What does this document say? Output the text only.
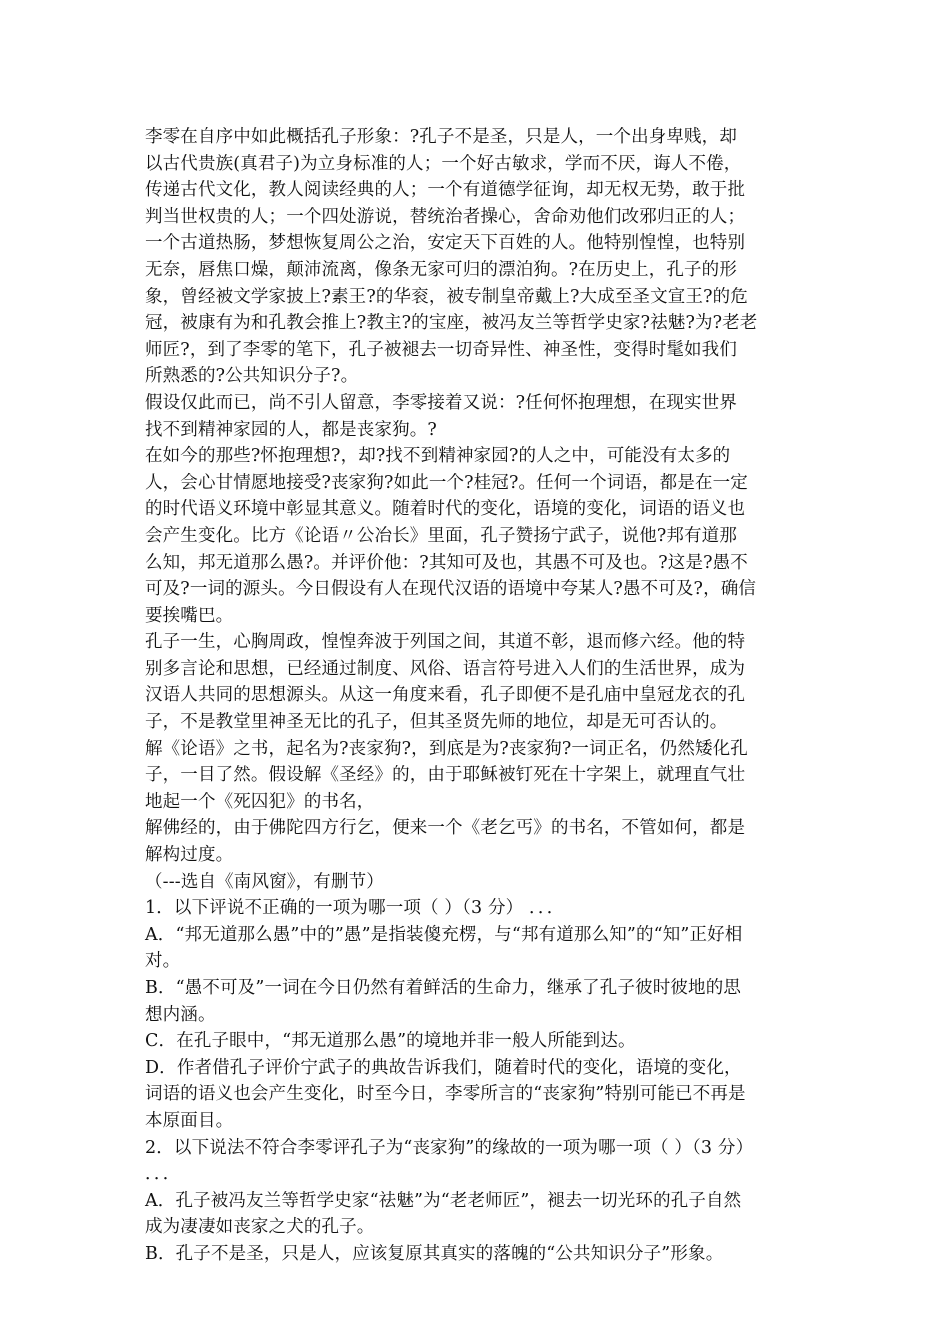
李零在自序中如此概括孔子形象：?孔子不是圣，只是人，一个出身卑贱，却
以古代贵族(真君子)为立身标准的人；一个好古敏求，学而不厌，诲人不倦，
传递古代文化，教人阅读经典的人；一个有道德学征询，却无权无势，敢于批
判当世权贵的人；一个四处游说，替统治者操心，舍命劝他们改邪归正的人；
一个古道热肠，梦想恢复周公之治，安定天下百姓的人。他特别惶惶，也特别
无奈，唇焦口燥，颠沛流离，像条无家可归的漂泊狗。?在历史上，孔子的形
象，曾经被文学家披上?素王?的华衮，被专制皇帝戴上?大成至圣文宣王?的危
冠，被康有为和孔教会推上?教主?的宝座，被冯友兰等哲学史家?祛魅?为?老老
师匠?，到了李零的笔下，孔子被褪去一切奇异性、神圣性，变得时髦如我们
所熟悉的?公共知识分子?。
假设仅此而已，尚不引人留意，李零接着又说：?任何怀抱理想，在现实世界
找不到精神家园的人，都是丧家狗。?
在如今的那些?怀抱理想?，却?找不到精神家园?的人之中，可能没有太多的
人，会心甘情愿地接受?丧家狗?如此一个?桂冠?。任何一个词语，都是在一定
的时代语义环境中彰显其意义。随着时代的变化，语境的变化，词语的语义也
会产生变化。比方《论语〃公冶长》里面，孔子赞扬宁武子，说他?邦有道那
么知，邦无道那么愚?。并评价他：?其知可及也，其愚不可及也。?这是?愚不
可及?一词的源头。今日假设有人在现代汉语的语境中夸某人?愚不可及?，确信
要挨嘴巴。
孔子一生，心胸周政，惶惶奔波于列国之间，其道不彰，退而修六经。他的特
别多言论和思想，已经通过制度、风俗、语言符号进入人们的生活世界，成为
汉语人共同的思想源头。从这一角度来看，孔子即便不是孔庙中皇冠龙衣的孔
子，不是教堂里神圣无比的孔子，但其圣贤先师的地位，却是无可否认的。
解《论语》之书，起名为?丧家狗?，到底是为?丧家狗?一词正名，仍然矮化孔
子，一目了然。假设解《圣经》的，由于耶稣被钉死在十字架上，就理直气壮
地起一个《死囚犯》的书名，
解佛经的，由于佛陀四方行乞，便来一个《老乞丐》的书名，不管如何，都是
解构过度。
（---选自《南风窗》，有删节）
1．以下评说不正确的一项为哪一项（ ）（3 分） ．．．
A．“邦无道那么愚”中的”愚”是指装傻充楞，与“邦有道那么知”的“知”正好相
对。
B．“愚不可及”一词在今日仍然有着鲜活的生命力，继承了孔子彼时彼地的思
想内涵。
C．在孔子眼中，“邦无道那么愚”的境地并非一般人所能到达。
D．作者借孔子评价宁武子的典故告诉我们，随着时代的变化，语境的变化，
词语的语义也会产生变化，时至今日，李零所言的“丧家狗”特别可能已不再是
本原面目。
2．以下说法不符合李零评孔子为“丧家狗”的缘故的一项为哪一项（ ）（3 分）
．．．
A．孔子被冯友兰等哲学史家“祛魅”为“老老师匠”，褪去一切光环的孔子自然
成为凄凄如丧家之犬的孔子。
B．孔子不是圣，只是人，应该复原其真实的落魄的“公共知识分子”形象。
